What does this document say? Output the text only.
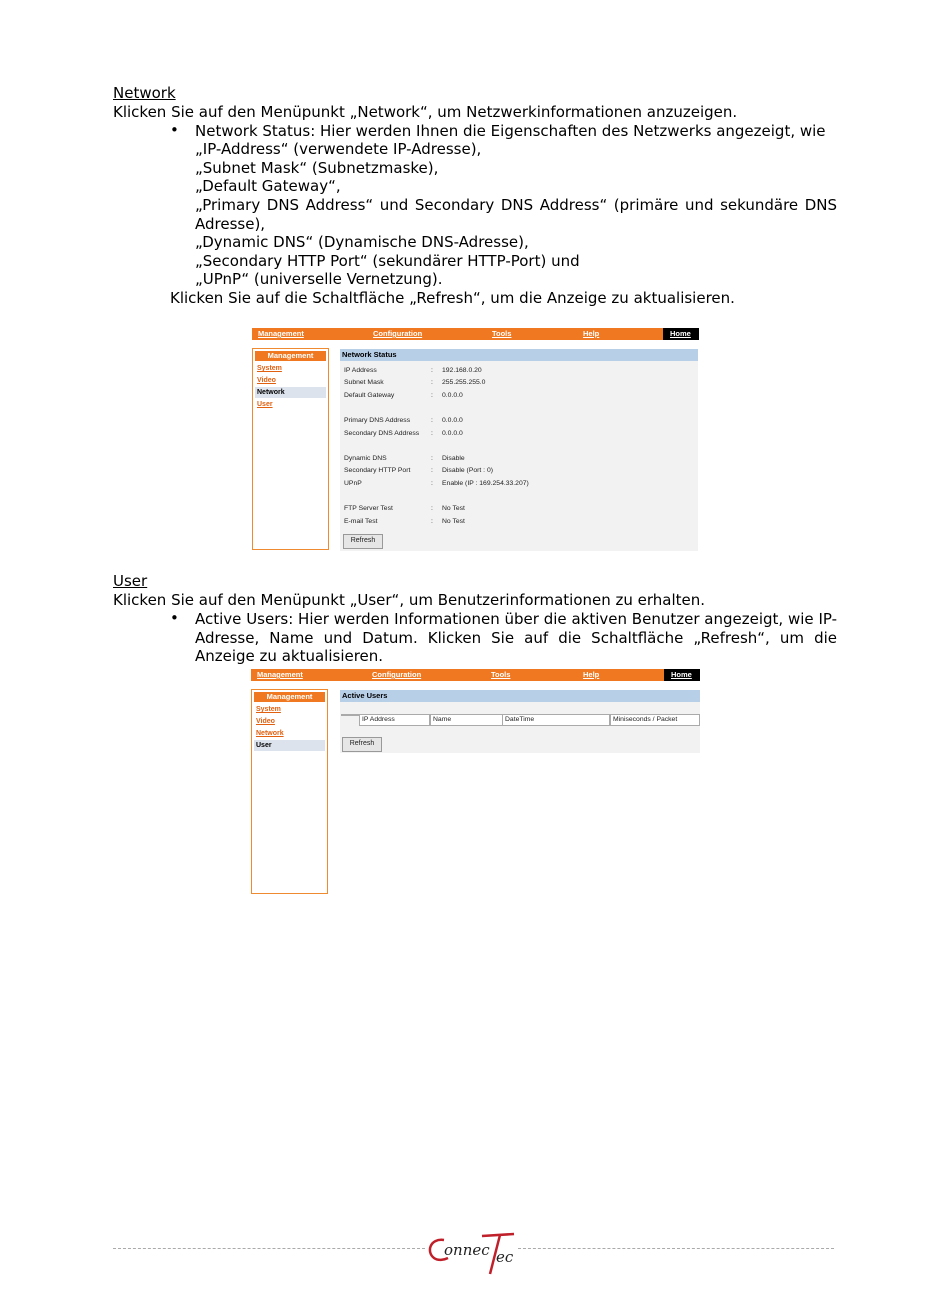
Network
Klicken Sie auf den Menüpunkt „Network“, um Netzwerkinformationen anzuzeigen.
• Network Status: Hier werden Ihnen die Eigenschaften des Netzwerks angezeigt, wie
„IP-Address“ (verwendete IP-Adresse),
„Subnet Mask“ (Subnetzmaske),
„Default Gateway“,
„Primary DNS Address“ und Secondary DNS Address“ (primäre und sekundäre DNS Adresse),
„Dynamic DNS“ (Dynamische DNS-Adresse),
„Secondary HTTP Port“ (sekundärer HTTP-Port) und
„UPnP“ (universelle Vernetzung).
Klicken Sie auf die Schaltfläche „Refresh“, um die Anzeige zu aktualisieren.
Management	Configuration	Tools	Help	Home
Management
System
Video
Network
User
Network Status
IP Address	: 192.168.0.20
Subnet Mask	: 255.255.255.0
Default Gateway	: 0.0.0.0
Primary DNS Address	: 0.0.0.0
Secondary DNS Address : 0.0.0.0
Dynamic DNS	: Disable
Secondary HTTP Port	: Disable (Port : 0)
UPnP	: Enable (IP : 169.254.33.207)
FTP Server Test	: No Test
E-mail Test	: No Test
Refresh
User
Klicken Sie auf den Menüpunkt „User“, um Benutzerinformationen zu erhalten.
• Active Users: Hier werden Informationen über die aktiven Benutzer angezeigt, wie IP-Adresse, Name und Datum. Klicken Sie auf die Schaltfläche „Refresh“, um die Anzeige zu aktualisieren.
Management	Configuration	Tools	Help	Home
Management
System
Video
Network
User
Active Users
IP Address	Name	DateTime	Miniseconds / Packet
Refresh
onnec ec
